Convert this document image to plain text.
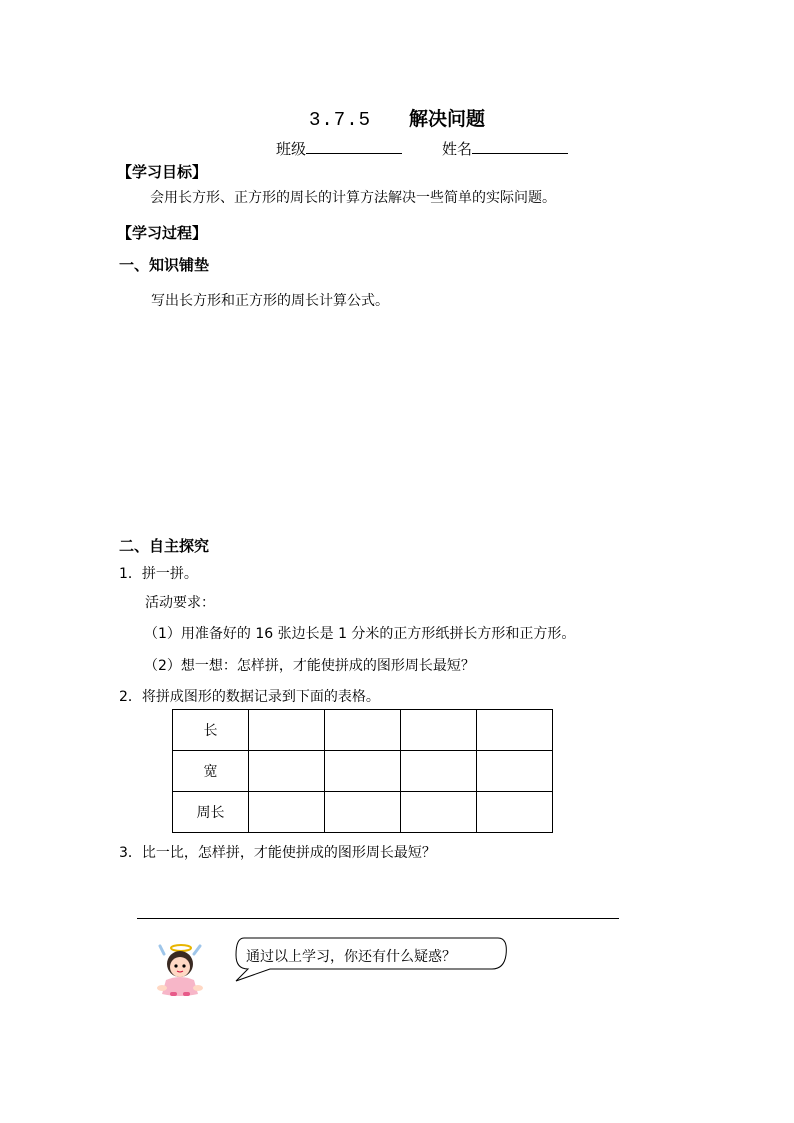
3.7.5 解决问题
班级	姓名
【学习目标】
会用长方形、正方形的周长的计算方法解决一些简单的实际问题。
【学习过程】
一、知识铺垫
写出长方形和正方形的周长计算公式。
二、自主探究
1．拼一拼。
活动要求：
（1）用准备好的 16 张边长是 1 分米的正方形纸拼长方形和正方形。
（2）想一想：怎样拼，才能使拼成的图形周长最短？
2．将拼成图形的数据记录到下面的表格。
长				
宽				
周长				
3．比一比，怎样拼，才能使拼成的图形周长最短？
通过以上学习，你还有什么疑惑？
